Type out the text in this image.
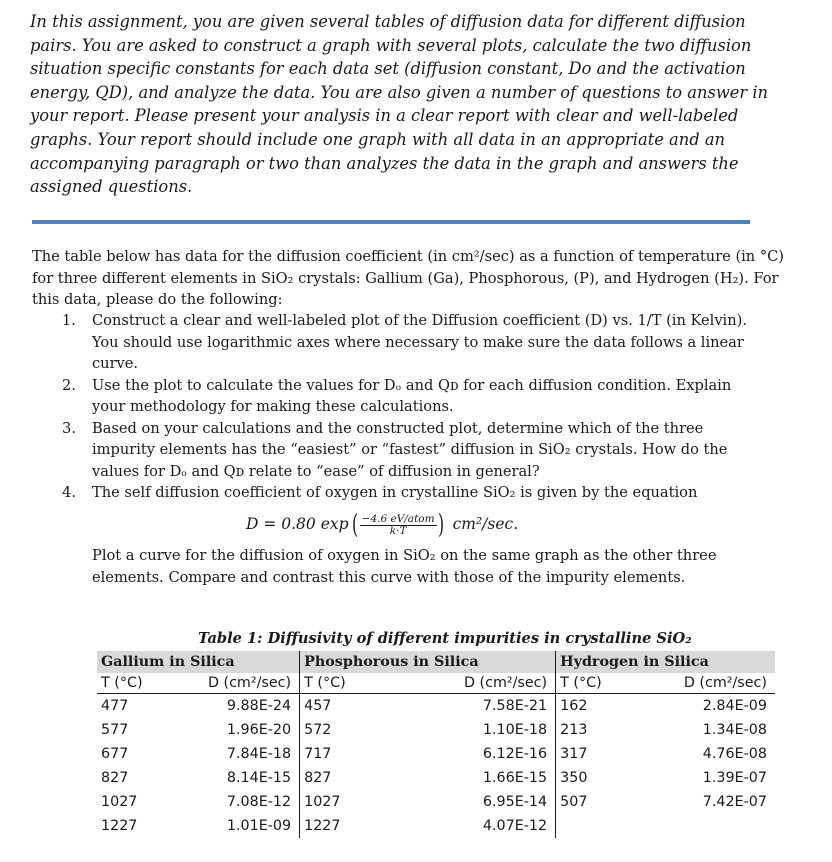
In this assignment, you are given several tables of diffusion data for different diffusion pairs. You are asked to construct a graph with several plots, calculate the two diffusion situation specific constants for each data set (diffusion constant, Do and the activation energy, QD), and analyze the data. You are also given a number of questions to answer in your report. Please present your analysis in a clear report with clear and well-labeled graphs. Your report should include one graph with all data in an appropriate and an accompanying paragraph or two than analyzes the data in the graph and answers the assigned questions.

The table below has data for the diffusion coefficient (in cm²/sec) as a function of temperature (in °C) for three different elements in SiO₂ crystals: Gallium (Ga), Phosphorous, (P), and Hydrogen (H₂). For this data, please do the following:

1. Construct a clear and well-labeled plot of the Diffusion coefficient (D) vs. 1/T (in Kelvin). You should use logarithmic axes where necessary to make sure the data follows a linear curve.
2. Use the plot to calculate the values for Dₒ and Qᴅ for each diffusion condition. Explain your methodology for making these calculations.
3. Based on your calculations and the constructed plot, determine which of the three impurity elements has the “easiest” or “fastest” diffusion in SiO₂ crystals. How do the values for Dₒ and Qᴅ relate to “ease” of diffusion in general?
4. The self diffusion coefficient of oxygen in crystalline SiO₂ is given by the equation
D = 0.80 exp ( $\frac{\text{−4.6 eV/atom}}{k\cdot T}$ ) cm²/sec.

Plot a curve for the diffusion of oxygen in SiO₂ on the same graph as the other three elements. Compare and contrast this curve with those of the impurity elements.

Table 1: Diffusivity of different impurities in crystalline SiO₂

Gallium in Silica		Phosphorous in Silica		Hydrogen in Silica	
T (°C)	D (cm²/sec)	T (°C)	D (cm²/sec)	T (°C)	D (cm²/sec)
477	9.88E-24	457	7.58E-21	162	2.84E-09
577	1.96E-20	572	1.10E-18	213	1.34E-08
677	7.84E-18	717	6.12E-16	317	4.76E-08
827	8.14E-15	827	1.66E-15	350	1.39E-07
1027	7.08E-12	1027	6.95E-14	507	7.42E-07
1227	1.01E-09	1227	4.07E-12		
